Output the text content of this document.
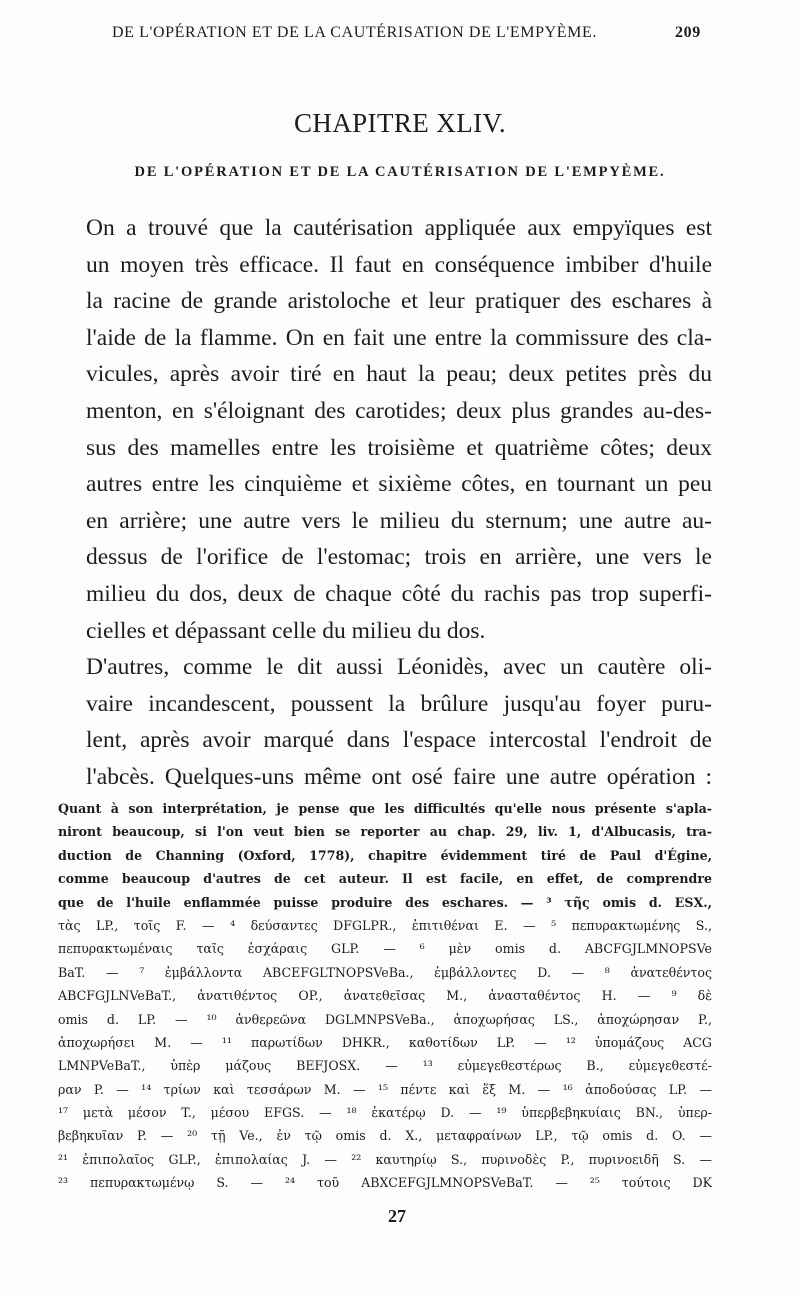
DE L'OPÉRATION ET DE LA CAUTÉRISATION DE L'EMPYÈME.	209
CHAPITRE XLIV.
DE L'OPÉRATION ET DE LA CAUTÉRISATION DE L'EMPYÈME.
On a trouvé que la cautérisation appliquée aux empyïques est
un moyen très efficace. Il faut en conséquence imbiber d'huile
la racine de grande aristoloche et leur pratiquer des eschares à
l'aide de la flamme. On en fait une entre la commissure des cla-
vicules, après avoir tiré en haut la peau; deux petites près du
menton, en s'éloignant des carotides; deux plus grandes au-des-
sus des mamelles entre les troisième et quatrième côtes; deux
autres entre les cinquième et sixième côtes, en tournant un peu
en arrière; une autre vers le milieu du sternum; une autre au-
dessus de l'orifice de l'estomac; trois en arrière, une vers le
milieu du dos, deux de chaque côté du rachis pas trop superfi-
cielles et dépassant celle du milieu du dos.
D'autres, comme le dit aussi Léonidès, avec un cautère oli-
vaire incandescent, poussent la brûlure jusqu'au foyer puru-
lent, après avoir marqué dans l'espace intercostal l'endroit de
l'abcès. Quelques-uns même ont osé faire une autre opération :
Quant à son interprétation, je pense que les difficultés qu'elle nous présente s'apla-
niront beaucoup, si l'on veut bien se reporter au chap. 29, liv. 1, d'Albucasis, tra-
duction de Channing (Oxford, 1778), chapitre évidemment tiré de Paul d'Égine,
comme beaucoup d'autres de cet auteur. Il est facile, en effet, de comprendre
que de l'huile enflammée puisse produire des eschares. — ³ τῆς omis d. ESX.,
τὰς LP., τοῖς F. — ⁴ δεύσαντες DFGLPR., ἐπιτιθέναι E. — ⁵ πεπυρακτωμένης S.,
πεπυρακτωμέναις ταῖς ἐσχάραις GLP. — ⁶ μὲν omis d. ABCFGJLMNOPSVe
BaT. — ⁷ ἐμβάλλοντα ABCEFGLTNOPSVeBa., ἐμβάλλοντες D. — ⁸ ἀνατεθέντος
ABCFGJLNVeBaT., ἀνατιθέντος OP., ἀνατεθεῖσας M., ἀνασταθέντος H. — ⁹ δὲ
omis d. LP. — ¹⁰ ἀνθερεῶνα DGLMNPSVeBa., ἀποχωρήσας LS., ἀποχώρησαν P.,
ἀποχωρήσει M. — ¹¹ παρωτίδων DHKR., καθοτίδων LP. — ¹² ὑπομάζους ACG
LMNPVeBaT., ὑπὲρ μάζους BEFJOSX. — ¹³ εὐμεγεθεστέρως B., εὐμεγεθεστέ-
ραν P. — ¹⁴ τρίων καὶ τεσσάρων M. — ¹⁵ πέντε καὶ ἕξ M. — ¹⁶ ἀποδούσας LP. —
¹⁷ μετὰ μέσον T., μέσου EFGS. — ¹⁸ ἑκατέρῳ D. — ¹⁹ ὑπερβεβηκυίαις BN., ὑπερ-
βεβηκυῖαν P. — ²⁰ τῇ Ve., ἐν τῷ omis d. X., μεταφραίνων LP., τῷ omis d. O. —
²¹ ἐπιπολαῖος GLP., ἐπιπολαίας J. — ²² καυτηρίῳ S., πυρινοδὲς P., πυρινοειδῆ S. —
²³ πεπυρακτωμένῳ S. — ²⁴ τοῦ ABXCEFGJLMNOPSVeBaT. — ²⁵ τούτοις DK
27
